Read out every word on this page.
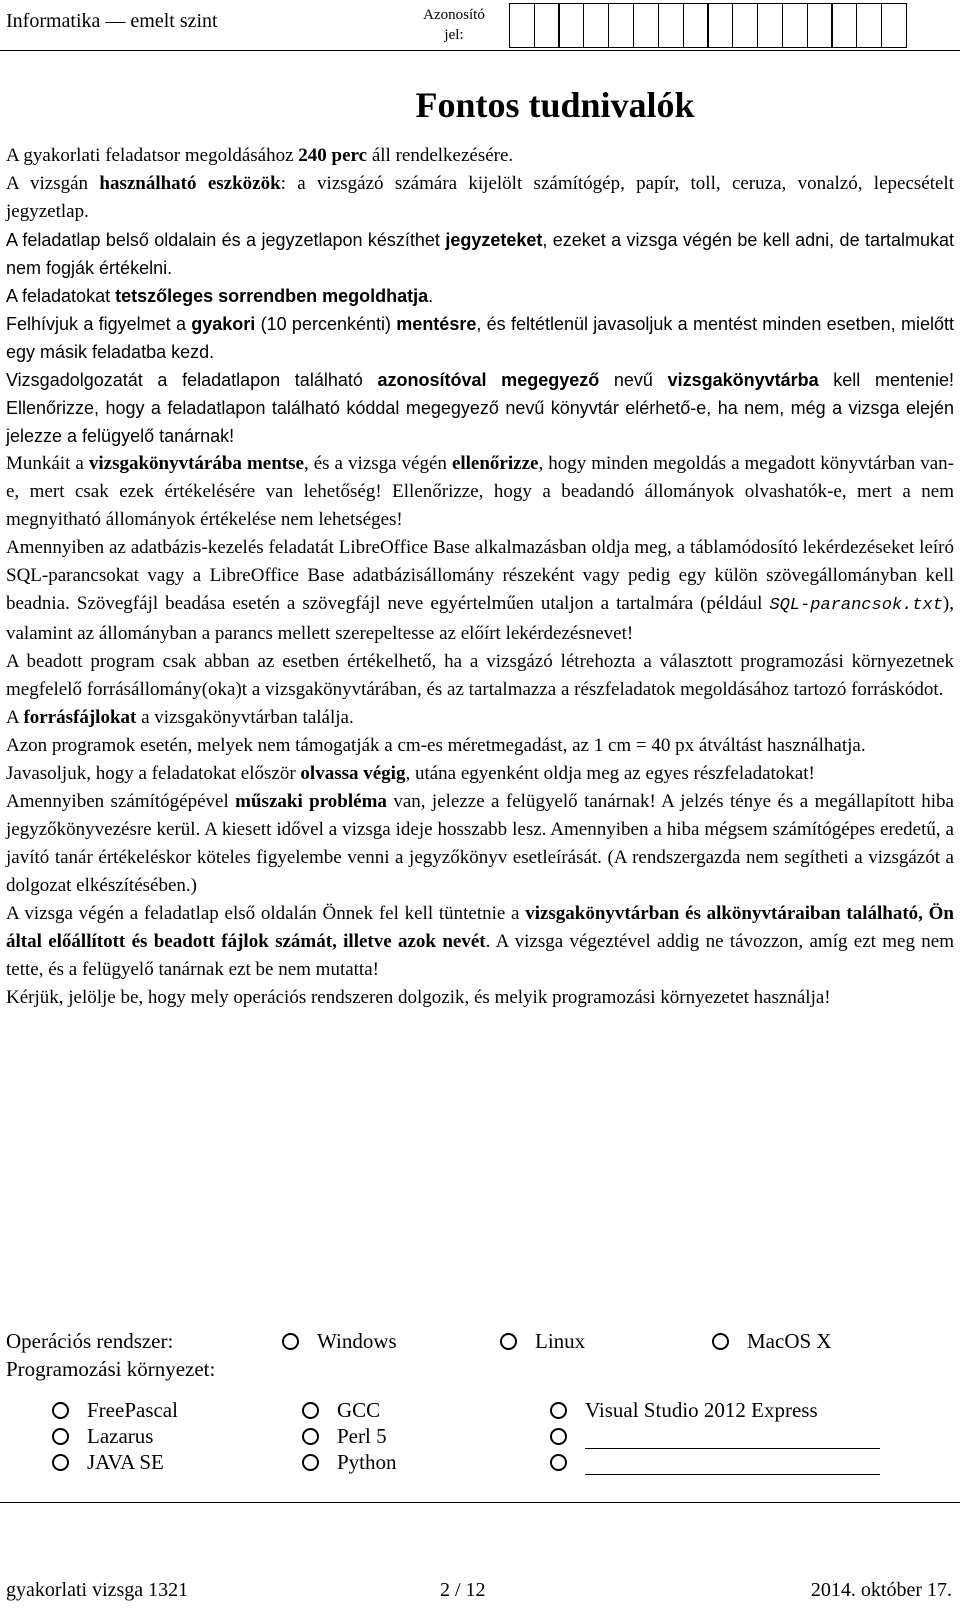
Informatika — emelt szint	Azonosító
jel:
Fontos tudnivalók

A gyakorlati feladatsor megoldásához 240 perc áll rendelkezésére.

A vizsgán használható eszközök: a vizsgázó számára kijelölt számítógép, papír, toll, ceruza, vonalzó, lepecsételt jegyzetlap.

A feladatlap belső oldalain és a jegyzetlapon készíthet jegyzeteket, ezeket a vizsga végén be kell adni, de tartalmukat nem fogják értékelni.

A feladatokat tetszőleges sorrendben megoldhatja.

Felhívjuk a figyelmet a gyakori (10 percenkénti) mentésre, és feltétlenül javasoljuk a mentést minden esetben, mielőtt egy másik feladatba kezd.

Vizsgadolgozatát a feladatlapon található azonosítóval megegyező nevű vizsgakönyvtárba kell mentenie! Ellenőrizze, hogy a feladatlapon található kóddal megegyező nevű könyvtár elérhető-e, ha nem, még a vizsga elején jelezze a felügyelő tanárnak!

Munkáit a vizsgakönyvtárába mentse, és a vizsga végén ellenőrizze, hogy minden megoldás a megadott könyvtárban van-e, mert csak ezek értékelésére van lehetőség! Ellenőrizze, hogy a beadandó állományok olvashatók-e, mert a nem megnyitható állományok értékelése nem lehetséges!

Amennyiben az adatbázis-kezelés feladatát LibreOffice Base alkalmazásban oldja meg, a táblamódosító lekérdezéseket leíró SQL-parancsokat vagy a LibreOffice Base adatbázisállomány részeként vagy pedig egy külön szövegállományban kell beadnia. Szövegfájl beadása esetén a szövegfájl neve egyértelműen utaljon a tartalmára (például SQL-parancsok.txt), valamint az állományban a parancs mellett szerepeltesse az előírt lekérdezésnevet!

A beadott program csak abban az esetben értékelhető, ha a vizsgázó létrehozta a választott programozási környezetnek megfelelő forrásállomány(oka)t a vizsgakönyvtárában, és az tartalmazza a részfeladatok megoldásához tartozó forráskódot.

A forrásfájlokat a vizsgakönyvtárban találja.

Azon programok esetén, melyek nem támogatják a cm-es méretmegadást, az 1 cm = 40 px átváltást használhatja.

Javasoljuk, hogy a feladatokat először olvassa végig, utána egyenként oldja meg az egyes részfeladatokat!

Amennyiben számítógépével műszaki probléma van, jelezze a felügyelő tanárnak! A jelzés ténye és a megállapított hiba jegyzőkönyvezésre kerül. A kiesett idővel a vizsga ideje hosszabb lesz. Amennyiben a hiba mégsem számítógépes eredetű, a javító tanár értékeléskor köteles figyelembe venni a jegyzőkönyv esetleírását. (A rendszergazda nem segítheti a vizsgázót a dolgozat elkészítésében.)

A vizsga végén a feladatlap első oldalán Önnek fel kell tüntetnie a vizsgakönyvtárban és alkönyvtáraiban található, Ön által előállított és beadott fájlok számát, illetve azok nevét. A vizsga végeztével addig ne távozzon, amíg ezt meg nem tette, és a felügyelő tanárnak ezt be nem mutatta!

Kérjük, jelölje be, hogy mely operációs rendszeren dolgozik, és melyik programozási környezetet használja!

Operációs rendszer:	Windows	Linux	MacOS X
Programozási környezet:
FreePascal	GCC	Visual Studio 2012 Express
Lazarus	Perl 5
JAVA SE	Python
gyakorlati vizsga 1321	2 / 12	2014. október 17.
